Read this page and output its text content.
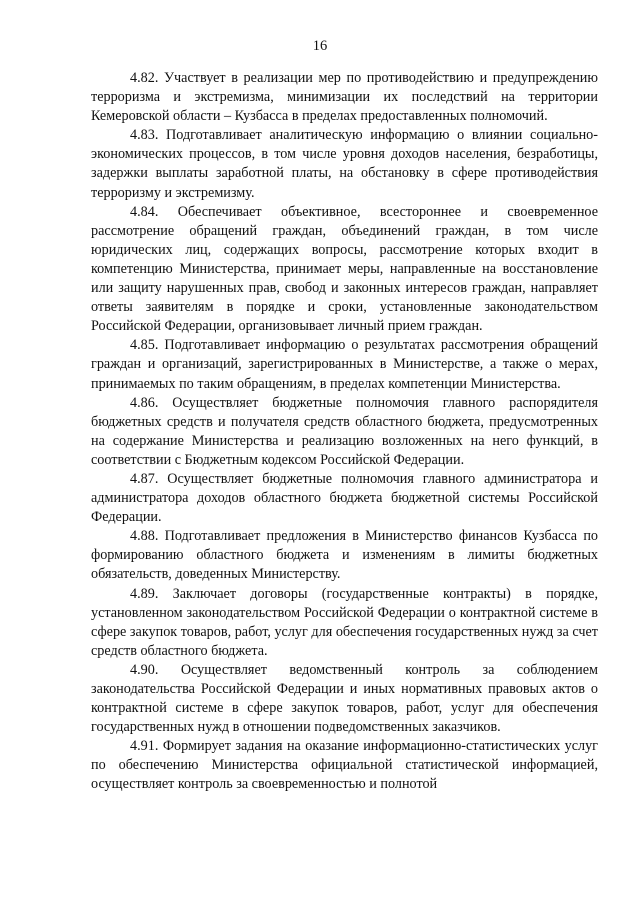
16

4.82. Участвует в реализации мер по противодействию и предупреждению терроризма и экстремизма, минимизации их последствий на территории Кемеровской области – Кузбасса в пределах предоставленных полномочий.

4.83. Подготавливает аналитическую информацию о влиянии социально-экономических процессов, в том числе уровня доходов населения, безработицы, задержки выплаты заработной платы, на обстановку в сфере противодействия терроризму и экстремизму.

4.84. Обеспечивает объективное, всестороннее и своевременное рассмотрение обращений граждан, объединений граждан, в том числе юридических лиц, содержащих вопросы, рассмотрение которых входит в компетенцию Министерства, принимает меры, направленные на восстановление или защиту нарушенных прав, свобод и законных интересов граждан, направляет ответы заявителям в порядке и сроки, установленные законодательством Российской Федерации, организовывает личный прием граждан.

4.85. Подготавливает информацию о результатах рассмотрения обращений граждан и организаций, зарегистрированных в Министерстве, а также о мерах, принимаемых по таким обращениям, в пределах компетенции Министерства.

4.86. Осуществляет бюджетные полномочия главного распорядителя бюджетных средств и получателя средств областного бюджета, предусмотренных на содержание Министерства и реализацию возложенных на него функций, в соответствии с Бюджетным кодексом Российской Федерации.

4.87. Осуществляет бюджетные полномочия главного администратора и администратора доходов областного бюджета бюджетной системы Российской Федерации.

4.88. Подготавливает предложения в Министерство финансов Кузбасса по формированию областного бюджета и изменениям в лимиты бюджетных обязательств, доведенных Министерству.

4.89. Заключает договоры (государственные контракты) в порядке, установленном законодательством Российской Федерации о контрактной системе в сфере закупок товаров, работ, услуг для обеспечения государственных нужд за счет средств областного бюджета.

4.90. Осуществляет ведомственный контроль за соблюдением законодательства Российской Федерации и иных нормативных правовых актов о контрактной системе в сфере закупок товаров, работ, услуг для обеспечения государственных нужд в отношении подведомственных заказчиков.

4.91. Формирует задания на оказание информационно-статистических услуг по обеспечению Министерства официальной статистической информацией, осуществляет контроль за своевременностью и полнотой
